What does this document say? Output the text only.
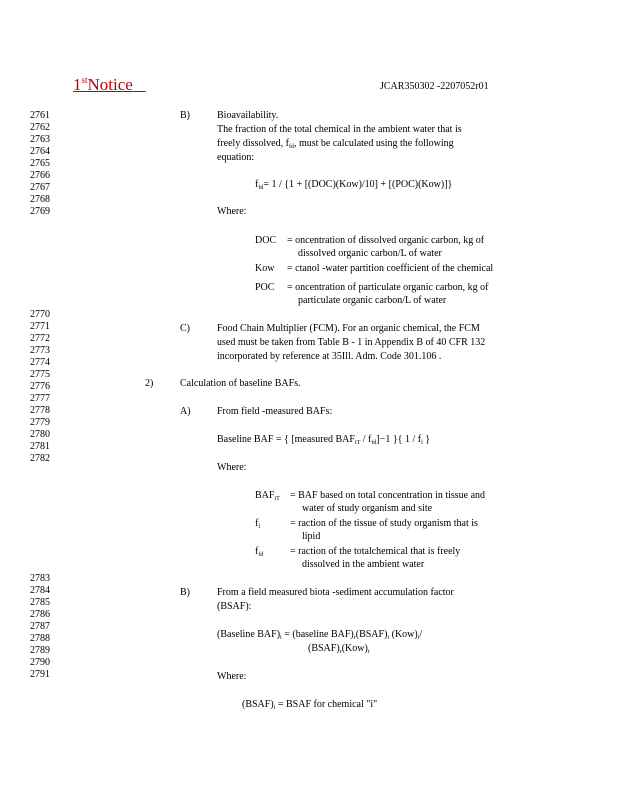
1stNotice	JCAR350302 -2207052r01
2761
2762
2763
2764
2765
2766
2767
2768
2769
2770
2771
2772
2773
2774
2775
2776
2777
2778
2779
2780
2781
2782
2783
2784
2785
2786
2787
2788
2789
2790
2791
B)	Bioavailability.
The fraction of the total chemical in the ambient water that is
freely dissolved, $f_{fd}$, must be calculated using the following
equation:
$f_{fd}= 1 / \{1 + [(DOC)(Kow)/10] + [(POC)(Kow)]\}$
Where:
DOC = oncentration of dissolved organic carbon, kg of
dissolved organic carbon/L of water
Kow = ctanol -water partition coefficient of the chemical
POC = oncentration of particulate organic carbon, kg of
particulate organic carbon/L of water
C)	Food Chain Multiplier (FCM). For an organic chemical, the FCM
used must be taken from Table B - 1 in Appendix B of 40 CFR 132
incorporated by reference at 35Ill. Adm. Code 301.106 .
2)	Calculation of baseline BAFs.
A)	From field -measured BAFs:
Baseline BAF = { [measured $BAF_{tT} / f_{fd}]-1$ }{ $1 / f_l$ }
Where:
$BAF_{tT}$ = BAF based on total concentration in tissue and
water of study organism and site
$f_l$	= raction of the tissue of study organism that is
lipid
$f_{fd}$	= raction of the totalchemical that is freely
dissolved in the ambient water
B)	From a field measured biota -sediment accumulation factor
(BSAF):
(Baseline $BAF)_i$ = (baseline $BAF)_r(BSAF)_i$ $(Kow)_i/$
$(BSAF)_r(Kow)_r$
Where:
$(BSAF)_i$ = BSAF for chemical "i"
